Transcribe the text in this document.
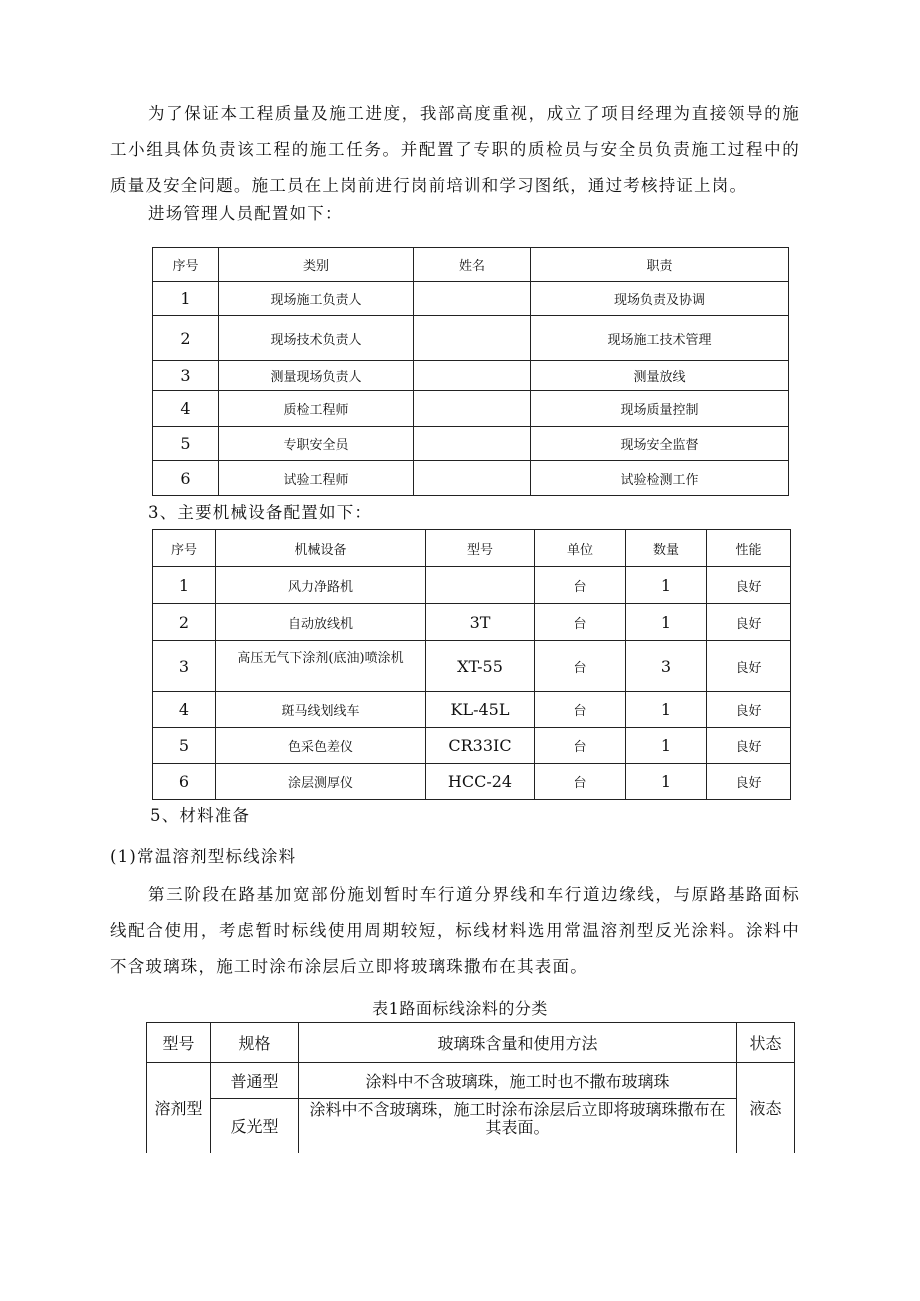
为了保证本工程质量及施工进度，我部高度重视，成立了项目经理为直接领导的施工小组具体负责该工程的施工任务。并配置了专职的质检员与安全员负责施工过程中的质量及安全问题。施工员在上岗前进行岗前培训和学习图纸，通过考核持证上岗。

进场管理人员配置如下：

序号	类别	姓名	职责
1	现场施工负责人		现场负责及协调
2	现场技术负责人		现场施工技术管理
3	测量现场负责人		测量放线
4	质检工程师		现场质量控制
5	专职安全员		现场安全监督
6	试验工程师		试验检测工作

3、主要机械设备配置如下：

序号	机械设备	型号	单位	数量	性能
1	风力净路机		台	1	良好
2	自动放线机	3T	台	1	良好
3	高压无气下涂剂(底油)喷涂机	XT-55	台	3	良好
4	斑马线划线车	KL-45L	台	1	良好
5	色采色差仪	CR33IC	台	1	良好
6	涂层测厚仪	HCC-24	台	1	良好

5、材料准备

(1)常温溶剂型标线涂料

第三阶段在路基加宽部份施划暂时车行道分界线和车行道边缘线，与原路基路面标线配合使用，考虑暂时标线使用周期较短，标线材料选用常温溶剂型反光涂料。涂料中不含玻璃珠，施工时涂布涂层后立即将玻璃珠撒布在其表面。

表1路面标线涂料的分类

型号	规格	玻璃珠含量和使用方法	状态
溶剂型	普通型	涂料中不含玻璃珠，施工时也不撒布玻璃珠	液态
	反光型	涂料中不含玻璃珠，施工时涂布涂层后立即将玻璃珠撒布在其表面。	
